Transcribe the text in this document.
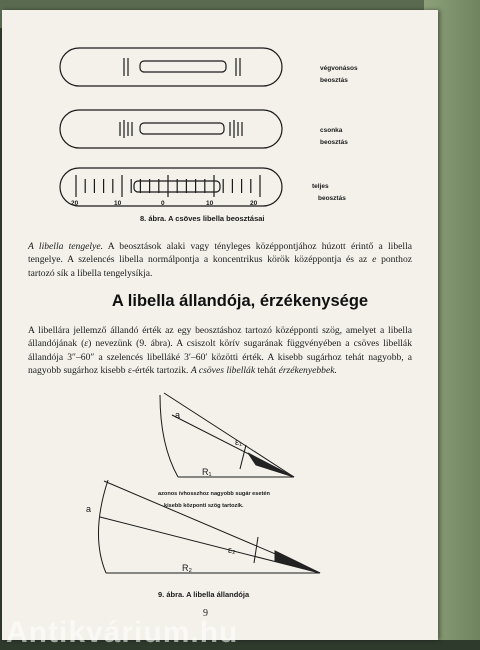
végvonásos
beosztás
csonka
beosztás
teljes
beosztás
20	10	0	10	20
8. ábra. A csöves libella beosztásai

A libella tengelye. A beosztások alaki vagy tényleges középpontjához húzott érintő a libella tengelye. A szelencés libella normálpontja a koncentrikus körök középpontja és az e ponthoz tartozó sík a libella tengelysíkja.

A libella állandója, érzékenysége

A libellára jellemző állandó érték az egy beosztáshoz tartozó középponti szög, amelyet a libella állandójának (ε) nevezünk (9. ábra). A csiszolt körív sugarának függvényében a csöves libellák állandója 3″–60″ a szelencés libelláké 3′–60′ közötti érték. A kisebb sugárhoz tehát nagyobb, a nagyobb sugárhoz kisebb ε-érték tartozik. A csöves libellák tehát érzékenyebbek.

a
ε₁
R₁
a
ε₂
R₂
azonos ívhosszhoz nagyobb sugár esetén
kisebb központi szög tartozik.
9. ábra. A libella állandója
9
Antikvárium.hu
